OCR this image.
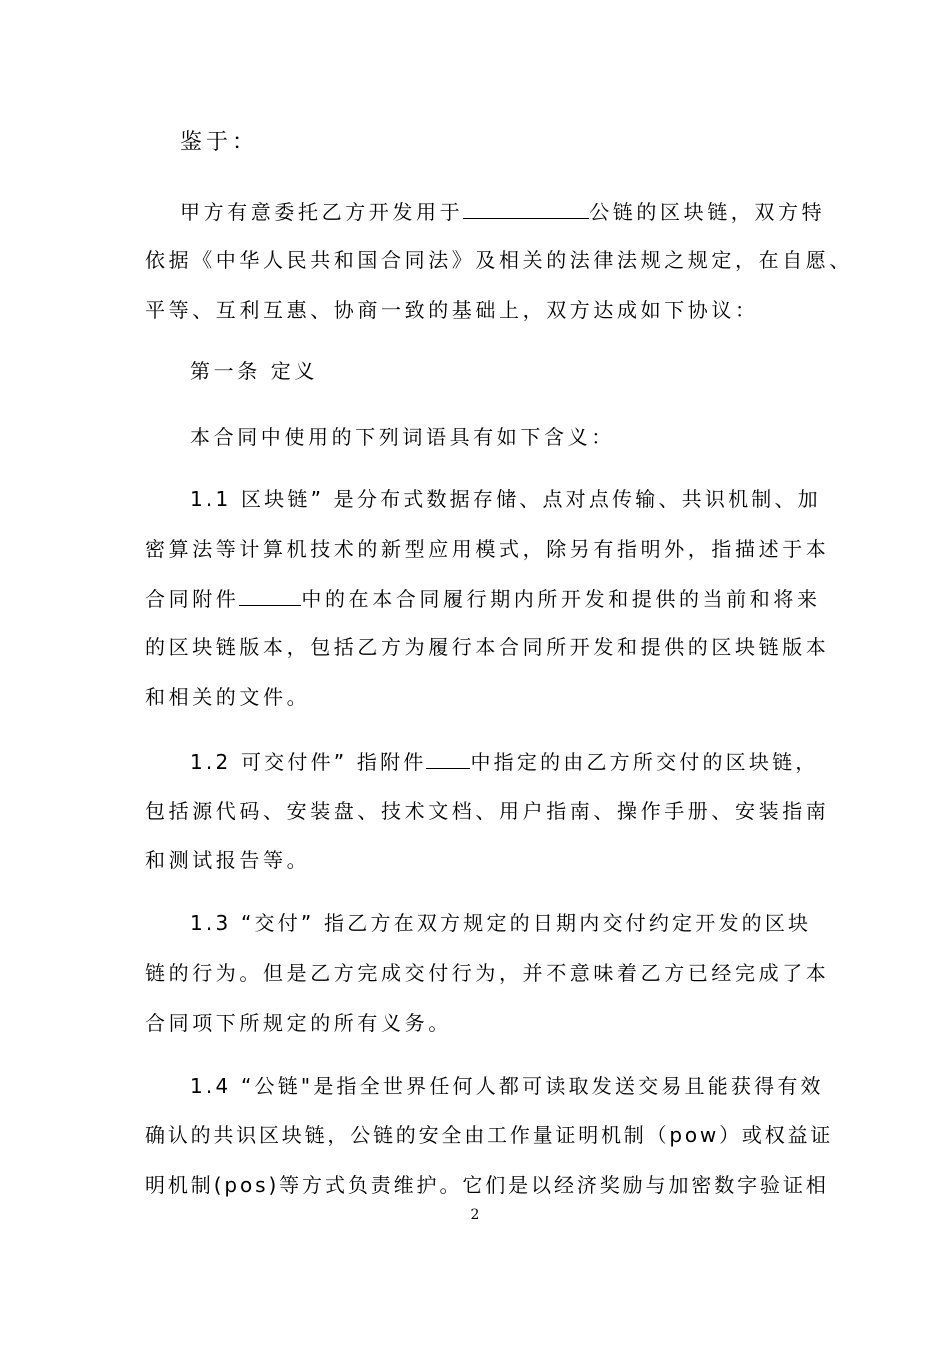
鉴于：
甲方有意委托乙方开发用于	公链的区块链，双方特
依据《中华人民共和国合同法》及相关的法律法规之规定，在自愿、
平等、互利互惠、协商一致的基础上，双方达成如下协议：
第一条 定义
本合同中使用的下列词语具有如下含义：
1.1 区块链” 是分布式数据存储、点对点传输、共识机制、加
密算法等计算机技术的新型应用模式，除另有指明外，指描述于本
合同附件	中的在本合同履行期内所开发和提供的当前和将来
的区块链版本，包括乙方为履行本合同所开发和提供的区块链版本
和相关的文件。
1.2 可交付件” 指附件 中指定的由乙方所交付的区块链，
包括源代码、安装盘、技术文档、用户指南、操作手册、安装指南
和测试报告等。
1.3 “交付” 指乙方在双方规定的日期内交付约定开发的区块
链的行为。但是乙方完成交付行为，并不意味着乙方已经完成了本
合同项下所规定的所有义务。
1.4 “公链"是指全世界任何人都可读取发送交易且能获得有效
确认的共识区块链，公链的安全由工作量证明机制（pow）或权益证
明机制(pos)等方式负责维护。它们是以经济奖励与加密数字验证相
2
